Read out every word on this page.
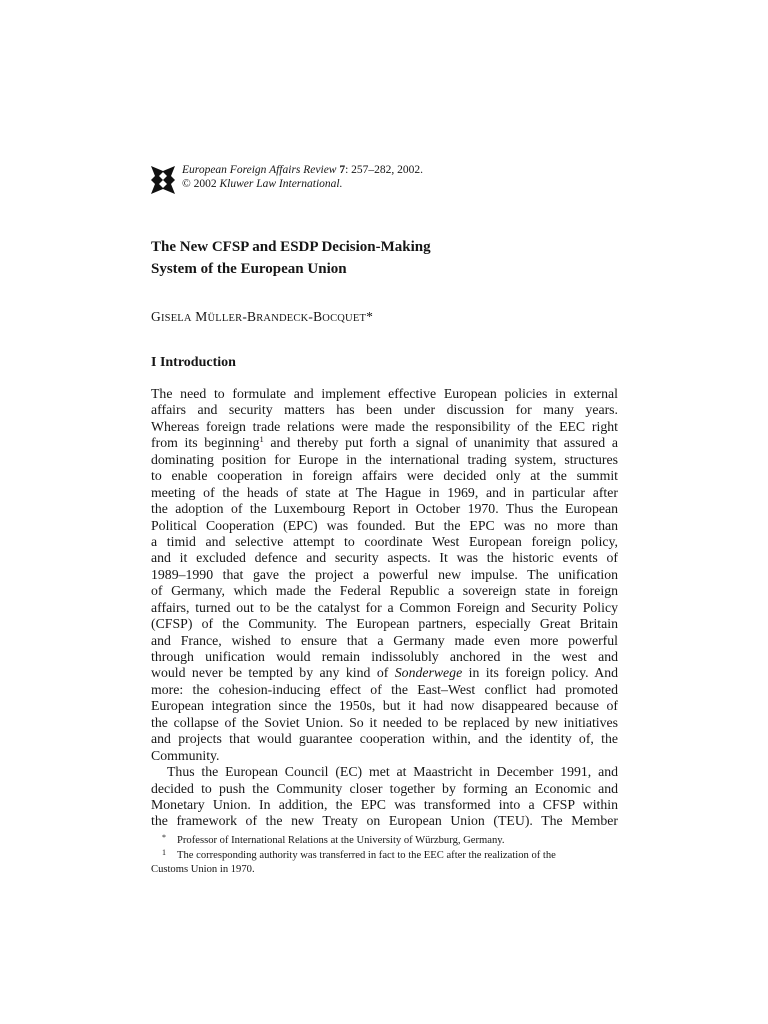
European Foreign Affairs Review 7: 257–282, 2002.
© 2002 Kluwer Law International.
The New CFSP and ESDP Decision-Making
System of the European Union
GISELA MÜLLER-BRANDECK-BOCQUET*
I Introduction
The need to formulate and implement effective European policies in external
affairs and security matters has been under discussion for many years.
Whereas foreign trade relations were made the responsibility of the EEC right
from its beginning$^1$ and thereby put forth a signal of unanimity that assured a
dominating position for Europe in the international trading system, structures
to enable cooperation in foreign affairs were decided only at the summit
meeting of the heads of state at The Hague in 1969, and in particular after
the adoption of the Luxembourg Report in October 1970. Thus the European
Political Cooperation (EPC) was founded. But the EPC was no more than
a timid and selective attempt to coordinate West European foreign policy,
and it excluded defence and security aspects. It was the historic events of
1989–1990 that gave the project a powerful new impulse. The unification
of Germany, which made the Federal Republic a sovereign state in foreign
affairs, turned out to be the catalyst for a Common Foreign and Security Policy
(CFSP) of the Community. The European partners, especially Great Britain
and France, wished to ensure that a Germany made even more powerful
through unification would remain indissolubly anchored in the west and
would never be tempted by any kind of Sonderwege in its foreign policy. And
more: the cohesion-inducing effect of the East–West conflict had promoted
European integration since the 1950s, but it had now disappeared because of
the collapse of the Soviet Union. So it needed to be replaced by new initiatives
and projects that would guarantee cooperation within, and the identity of, the
Community.
Thus the European Council (EC) met at Maastricht in December 1991, and
decided to push the Community closer together by forming an Economic and
Monetary Union. In addition, the EPC was transformed into a CFSP within
the framework of the new Treaty on European Union (TEU). The Member
* Professor of International Relations at the University of Würzburg, Germany.
1 The corresponding authority was transferred in fact to the EEC after the realization of the
Customs Union in 1970.
